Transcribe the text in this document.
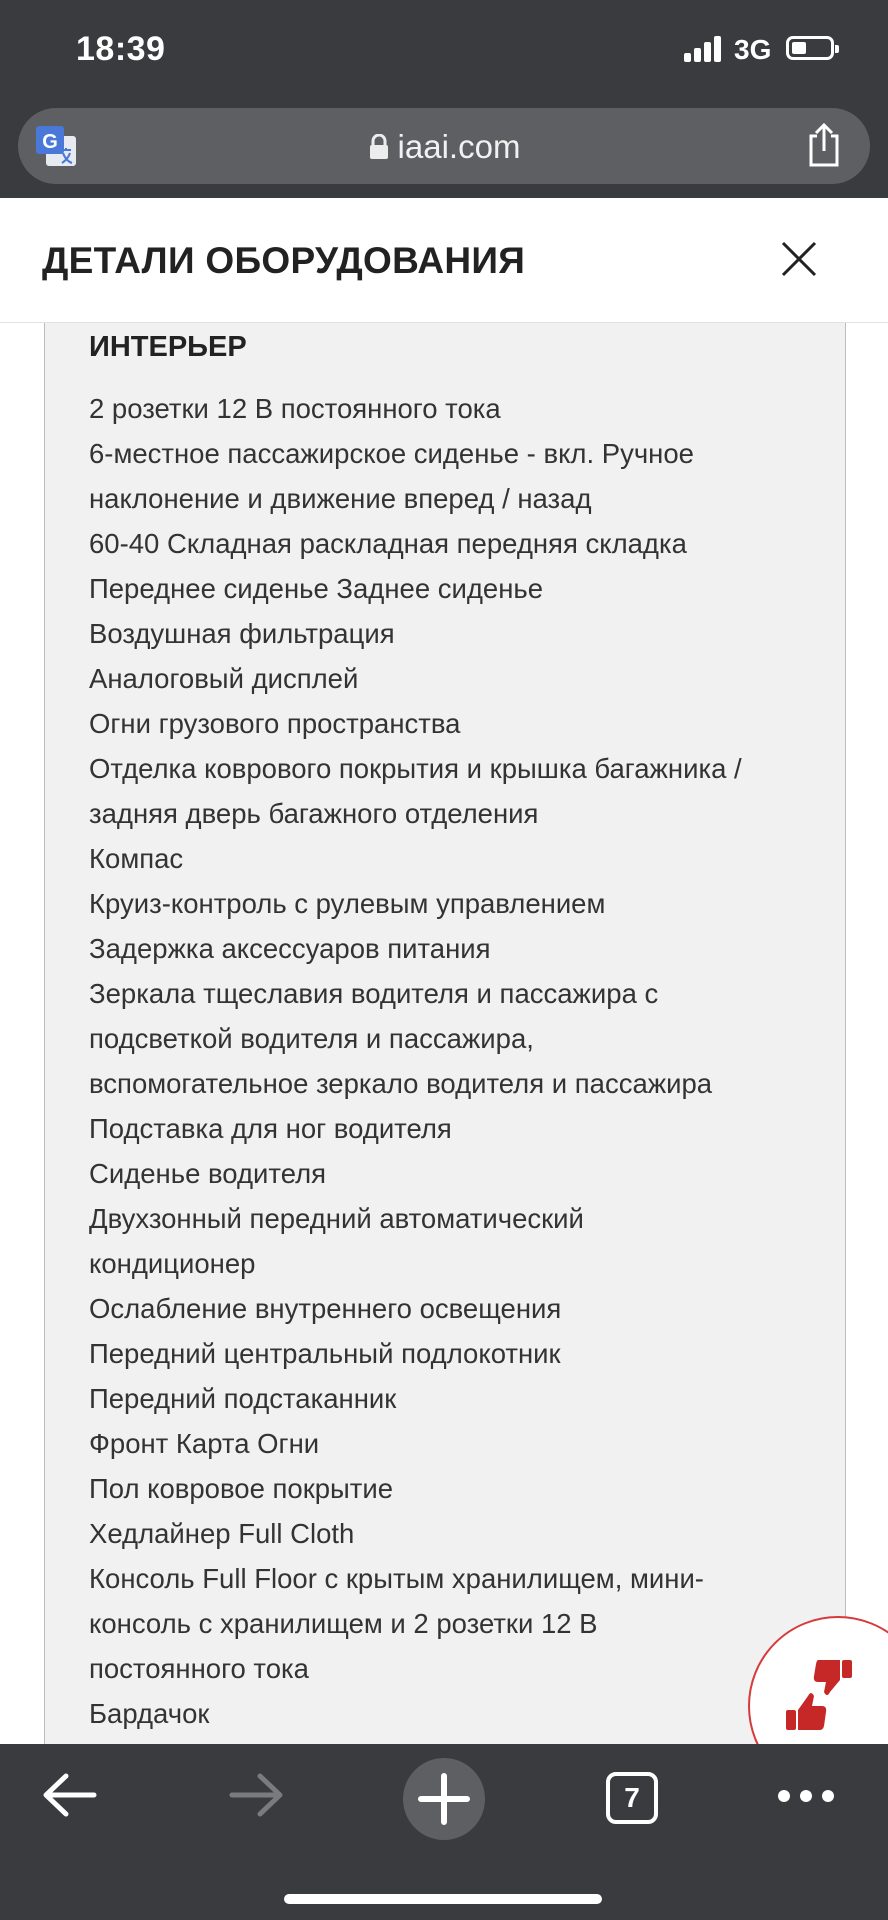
18:39	3G
G	iaai.com
ДЕТАЛИ ОБОРУДОВАНИЯ
ИНТЕРЬЕР
2 розетки 12 В постоянного тока
6-местное пассажирское сиденье - вкл. Ручное
наклонение и движение вперед / назад
60-40 Складная раскладная передняя складка
Переднее сиденье Заднее сиденье
Воздушная фильтрация
Аналоговый дисплей
Огни грузового пространства
Отделка коврового покрытия и крышка багажника /
задняя дверь багажного отделения
Компас
Круиз-контроль с рулевым управлением
Задержка аксессуаров питания
Зеркала тщеславия водителя и пассажира с
подсветкой водителя и пассажира,
вспомогательное зеркало водителя и пассажира
Подставка для ног водителя
Сиденье водителя
Двухзонный передний автоматический
кондиционер
Ослабление внутреннего освещения
Передний центральный подлокотник
Передний подстаканник
Фронт Карта Огни
Пол ковровое покрытие
Хедлайнер Full Cloth
Консоль Full Floor с крытым хранилищем, мини-
консоль с хранилищем и 2 розетки 12 В
постоянного тока
Бардачок
7
